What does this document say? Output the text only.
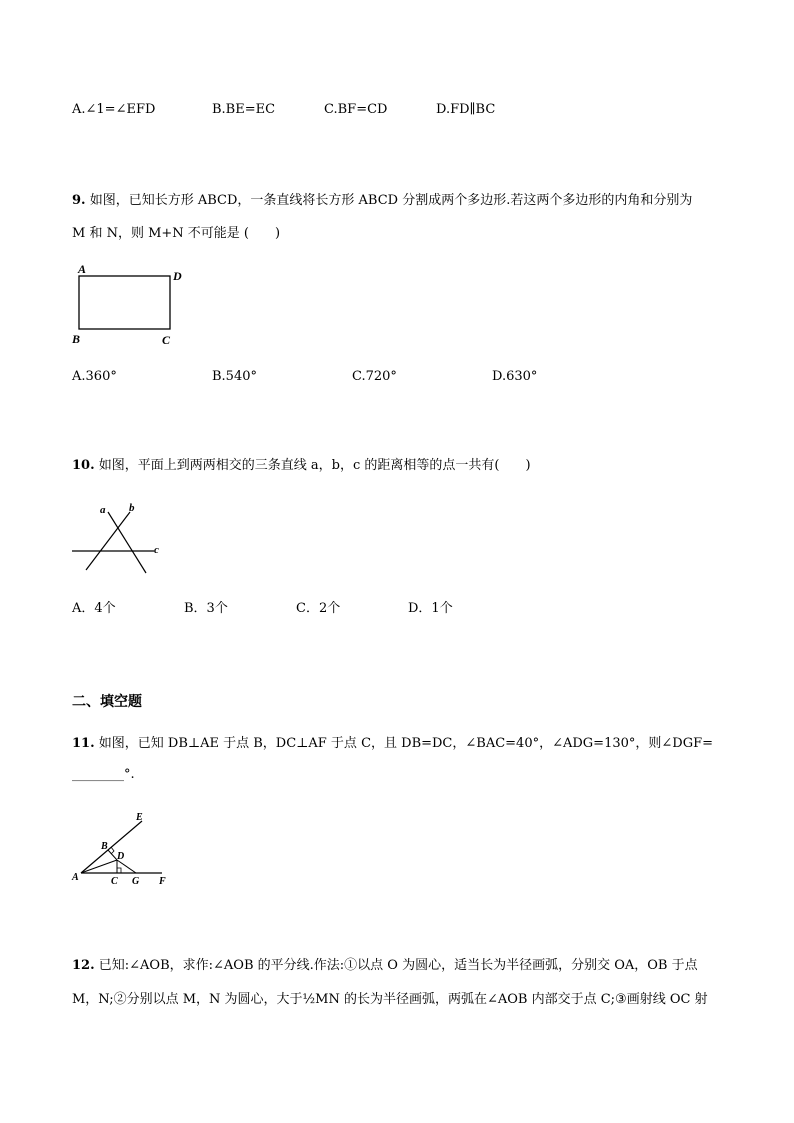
A.∠1=∠EFD	B.BE=EC	C.BF=CD	D.FD∥BC
9. 如图，已知长方形 ABCD，一条直线将长方形 ABCD 分割成两个多边形.若这两个多边形的内角和分别为
M 和 N，则 M+N 不可能是 (　　)
A	D
B	C
A.360°	B.540°	C.720°	D.630°
10. 如图，平面上到两两相交的三条直线 a，b，c 的距离相等的点一共有(　　)
a b
c
A．4个	B．3个	C．2个	D．1个
二、填空题
11. 如图，已知 DB⊥AE 于点 B，DC⊥AF 于点 C，且 DB=DC，∠BAC=40°，∠ADG=130°，则∠DGF=
________°.
E
B
D
A	C G F
12. 已知:∠AOB，求作:∠AOB 的平分线.作法:①以点 O 为圆心，适当长为半径画弧，分别交 OA，OB 于点
M，N;②分别以点 M，N 为圆心，大于½MN 的长为半径画弧，两弧在∠AOB 内部交于点 C;③画射线 OC 射
